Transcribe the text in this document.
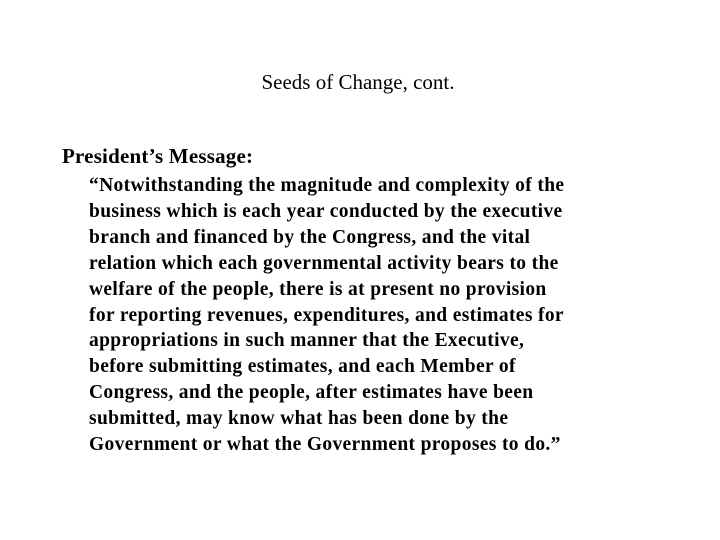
Seeds of Change, cont.

President’s Message:

“Notwithstanding the magnitude and complexity of the
business which is each year conducted by the executive
branch and financed by the Congress, and the vital
relation which each governmental activity bears to the
welfare of the people, there is at present no provision
for reporting revenues, expenditures, and estimates for
appropriations in such manner that the Executive,
before submitting estimates, and each Member of
Congress, and the people, after estimates have been
submitted, may know what has been done by the
Government or what the Government proposes to do.”
